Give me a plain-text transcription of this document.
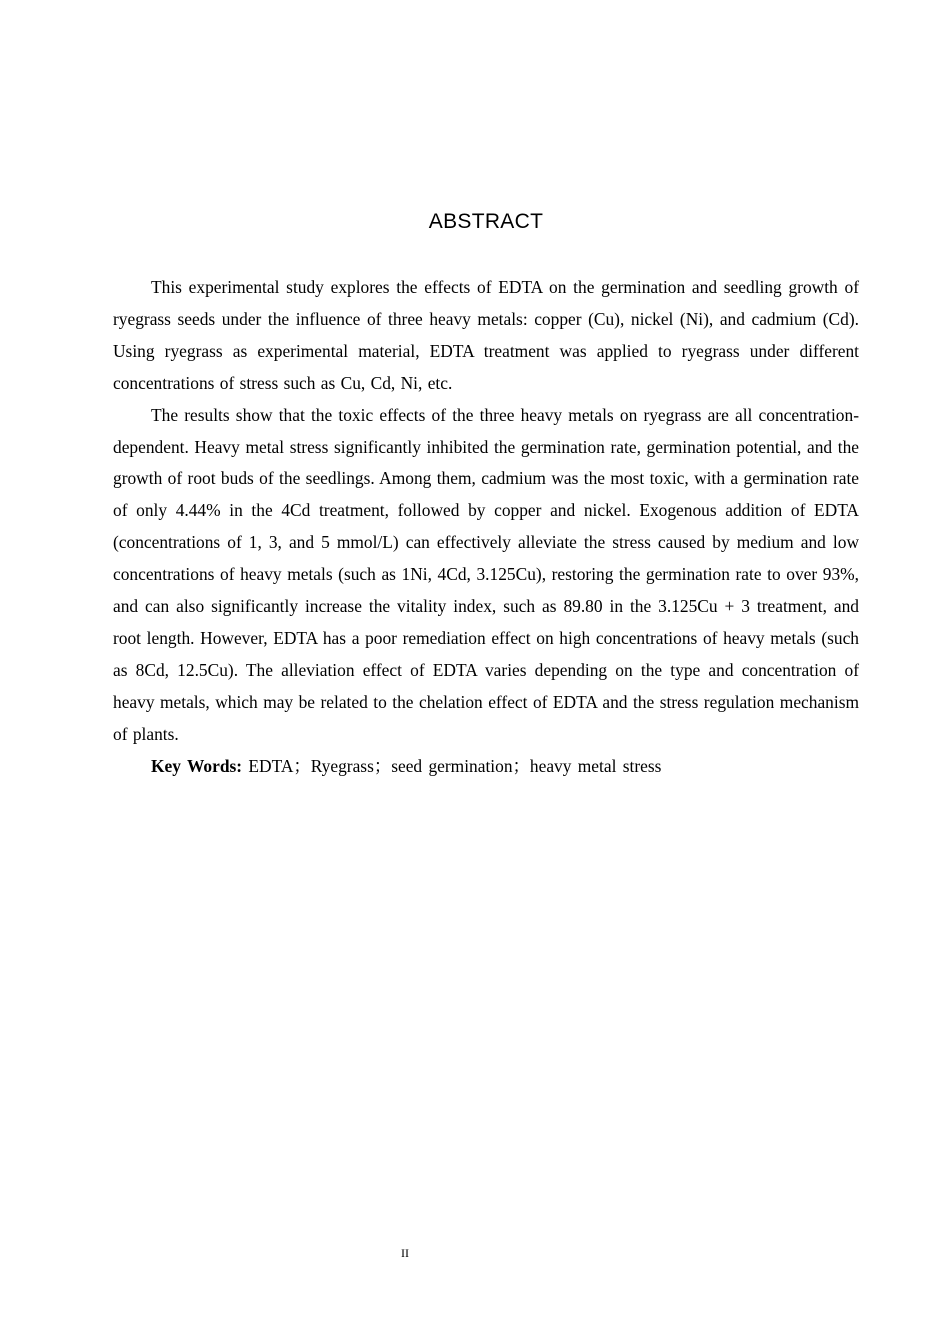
ABSTRACT

This experimental study explores the effects of EDTA on the germination and seedling growth of ryegrass seeds under the influence of three heavy metals: copper (Cu), nickel (Ni), and cadmium (Cd). Using ryegrass as experimental material, EDTA treatment was applied to ryegrass under different concentrations of stress such as Cu, Cd, Ni, etc.

The results show that the toxic effects of the three heavy metals on ryegrass are all concentration-dependent. Heavy metal stress significantly inhibited the germination rate, germination potential, and the growth of root buds of the seedlings. Among them, cadmium was the most toxic, with a germination rate of only 4.44% in the 4Cd treatment, followed by copper and nickel. Exogenous addition of EDTA (concentrations of 1, 3, and 5 mmol/L) can effectively alleviate the stress caused by medium and low concentrations of heavy metals (such as 1Ni, 4Cd, 3.125Cu), restoring the germination rate to over 93%, and can also significantly increase the vitality index, such as 89.80 in the 3.125Cu + 3 treatment, and root length. However, EDTA has a poor remediation effect on high concentrations of heavy metals (such as 8Cd, 12.5Cu). The alleviation effect of EDTA varies depending on the type and concentration of heavy metals, which may be related to the chelation effect of EDTA and the stress regulation mechanism of plants.

Key Words: EDTA；Ryegrass；seed germination；heavy metal stress

II
